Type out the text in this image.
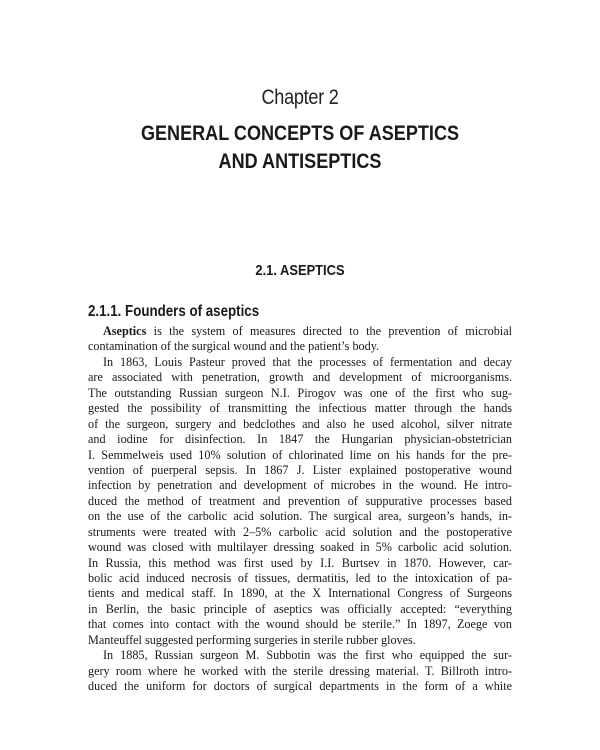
Chapter 2
GENERAL CONCEPTS OF ASEPTICS
AND ANTISEPTICS
2.1. ASEPTICS
2.1.1. Founders of aseptics
Aseptics is the system of measures directed to the prevention of microbial
contamination of the surgical wound and the patient’s body.
In 1863, Louis Pasteur proved that the processes of fermentation and decay
are associated with penetration, growth and development of microorganisms.
The outstanding Russian surgeon N.I. Pirogov was one of the first who sug-
gested the possibility of transmitting the infectious matter through the hands
of the surgeon, surgery and bedclothes and also he used alcohol, silver nitrate
and iodine for disinfection. In 1847 the Hungarian physician-obstetrician
I. Semmelweis used 10% solution of chlorinated lime on his hands for the pre-
vention of puerperal sepsis. In 1867 J. Lister explained postoperative wound
infection by penetration and development of microbes in the wound. He intro-
duced the method of treatment and prevention of suppurative processes based
on the use of the carbolic acid solution. The surgical area, surgeon’s hands, in-
struments were treated with 2–5% carbolic acid solution and the postoperative
wound was closed with multilayer dressing soaked in 5% carbolic acid solution.
In Russia, this method was first used by I.I. Burtsev in 1870. However, car-
bolic acid induced necrosis of tissues, dermatitis, led to the intoxication of pa-
tients and medical staff. In 1890, at the X International Congress of Surgeons
in Berlin, the basic principle of aseptics was officially accepted: “everything
that comes into contact with the wound should be sterile.” In 1897, Zoege von
Manteuffel suggested performing surgeries in sterile rubber gloves.
In 1885, Russian surgeon M. Subbotin was the first who equipped the sur-
gery room where he worked with the sterile dressing material. T. Billroth intro-
duced the uniform for doctors of surgical departments in the form of a white
